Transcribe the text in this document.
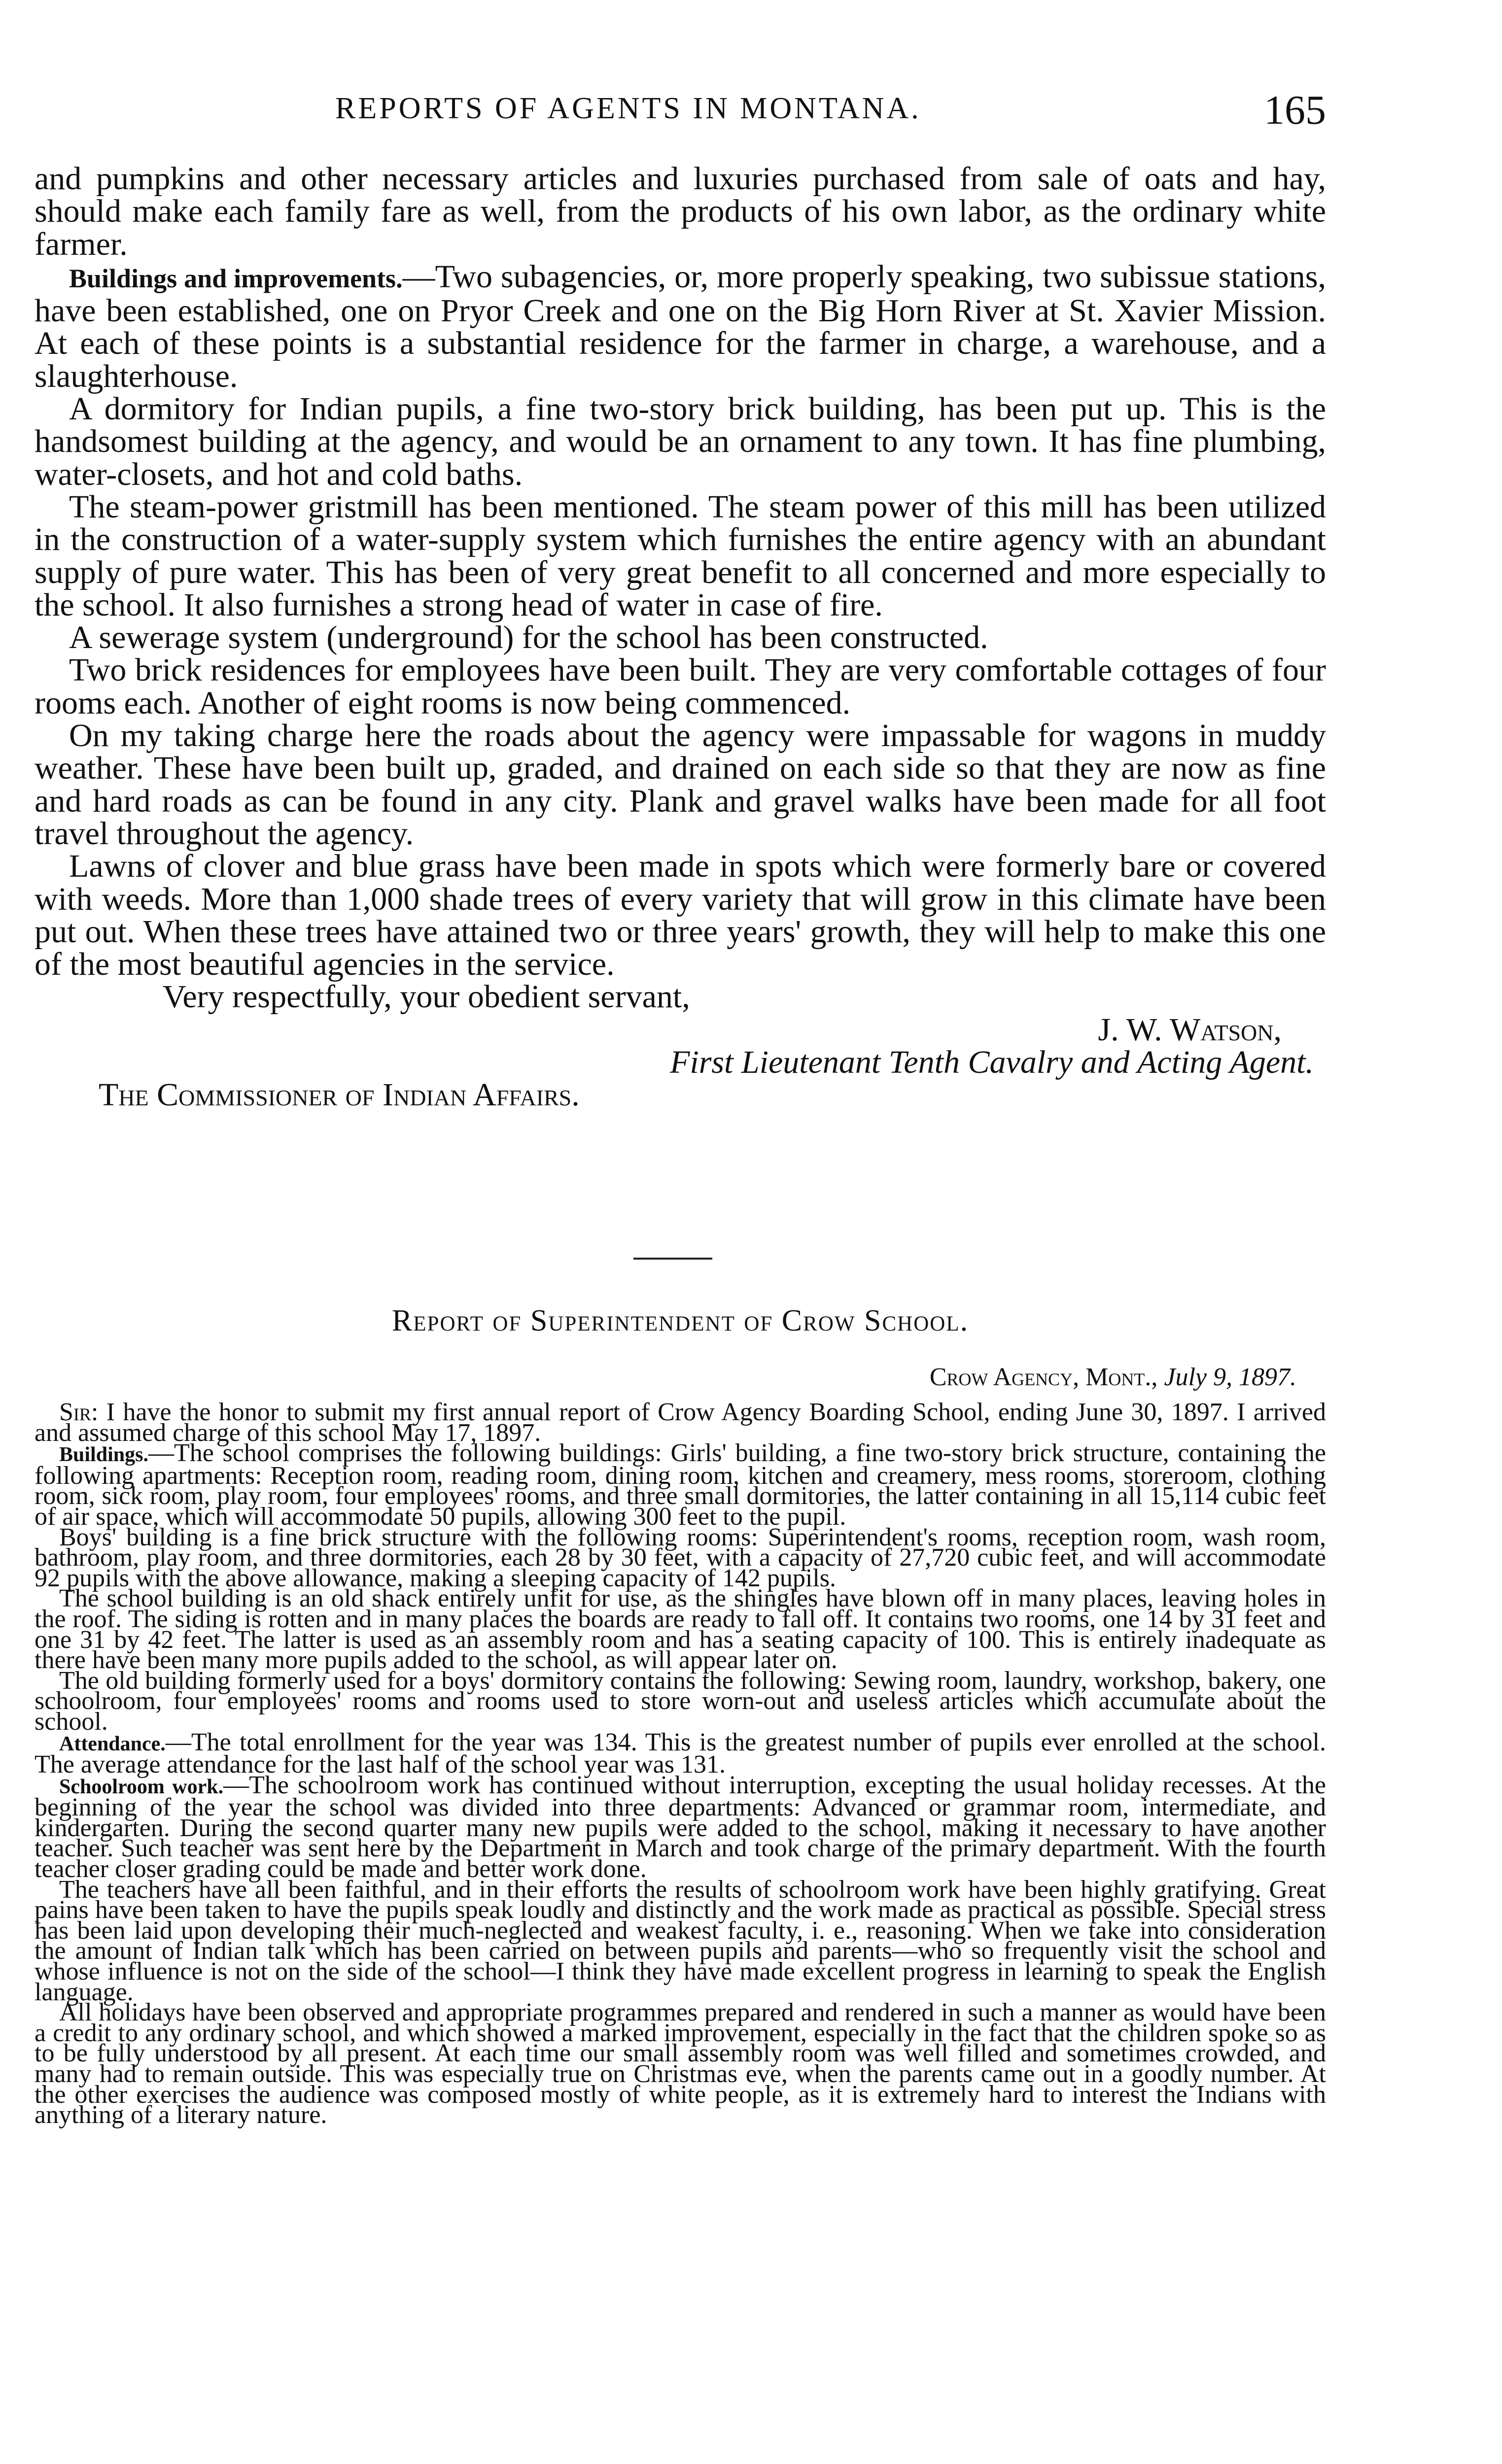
REPORTS OF AGENTS IN MONTANA.	165

and pumpkins and other necessary articles and luxuries purchased from sale of oats and hay, should make each family fare as well, from the products of his own labor, as the ordinary white farmer.

Buildings and improvements.—Two subagencies, or, more properly speaking, two subissue stations, have been established, one on Pryor Creek and one on the Big Horn River at St. Xavier Mission. At each of these points is a substantial residence for the farmer in charge, a warehouse, and a slaughterhouse.

A dormitory for Indian pupils, a fine two-story brick building, has been put up. This is the handsomest building at the agency, and would be an ornament to any town. It has fine plumbing, water-closets, and hot and cold baths.

The steam-power gristmill has been mentioned. The steam power of this mill has been utilized in the construction of a water-supply system which furnishes the entire agency with an abundant supply of pure water. This has been of very great benefit to all concerned and more especially to the school. It also furnishes a strong head of water in case of fire.

A sewerage system (underground) for the school has been constructed.

Two brick residences for employees have been built. They are very comfortable cottages of four rooms each. Another of eight rooms is now being commenced.

On my taking charge here the roads about the agency were impassable for wagons in muddy weather. These have been built up, graded, and drained on each side so that they are now as fine and hard roads as can be found in any city. Plank and gravel walks have been made for all foot travel throughout the agency.

Lawns of clover and blue grass have been made in spots which were formerly bare or covered with weeds. More than 1,000 shade trees of every variety that will grow in this climate have been put out. When these trees have attained two or three years' growth, they will help to make this one of the most beautiful agencies in the service.

Very respectfully, your obedient servant,

J. W. Watson,

First Lieutenant Tenth Cavalry and Acting Agent.

The Commissioner of Indian Affairs.

Report of Superintendent of Crow School.
Crow Agency, Mont., July 9, 1897.

Sir: I have the honor to submit my first annual report of Crow Agency Boarding School, ending June 30, 1897. I arrived and assumed charge of this school May 17, 1897.

Buildings.—The school comprises the following buildings: Girls' building, a fine two-story brick structure, containing the following apartments: Reception room, reading room, dining room, kitchen and creamery, mess rooms, storeroom, clothing room, sick room, play room, four employees' rooms, and three small dormitories, the latter containing in all 15,114 cubic feet of air space, which will accommodate 50 pupils, allowing 300 feet to the pupil.

Boys' building is a fine brick structure with the following rooms: Superintendent's rooms, reception room, wash room, bathroom, play room, and three dormitories, each 28 by 30 feet, with a capacity of 27,720 cubic feet, and will accommodate 92 pupils with the above allowance, making a sleeping capacity of 142 pupils.

The school building is an old shack entirely unfit for use, as the shingles have blown off in many places, leaving holes in the roof. The siding is rotten and in many places the boards are ready to fall off. It contains two rooms, one 14 by 31 feet and one 31 by 42 feet. The latter is used as an assembly room and has a seating capacity of 100. This is entirely inadequate as there have been many more pupils added to the school, as will appear later on.

The old building formerly used for a boys' dormitory contains the following: Sewing room, laundry, workshop, bakery, one schoolroom, four employees' rooms and rooms used to store worn-out and useless articles which accumulate about the school.

Attendance.—The total enrollment for the year was 134. This is the greatest number of pupils ever enrolled at the school. The average attendance for the last half of the school year was 131.

Schoolroom work.—The schoolroom work has continued without interruption, excepting the usual holiday recesses. At the beginning of the year the school was divided into three departments: Advanced or grammar room, intermediate, and kindergarten. During the second quarter many new pupils were added to the school, making it necessary to have another teacher. Such teacher was sent here by the Department in March and took charge of the primary department. With the fourth teacher closer grading could be made and better work done.

The teachers have all been faithful, and in their efforts the results of schoolroom work have been highly gratifying. Great pains have been taken to have the pupils speak loudly and distinctly and the work made as practical as possible. Special stress has been laid upon developing their much-neglected and weakest faculty, i. e., reasoning. When we take into consideration the amount of Indian talk which has been carried on between pupils and parents—who so frequently visit the school and whose influence is not on the side of the school—I think they have made excellent progress in learning to speak the English language.

All holidays have been observed and appropriate programmes prepared and rendered in such a manner as would have been a credit to any ordinary school, and which showed a marked improvement, especially in the fact that the children spoke so as to be fully understood by all present. At each time our small assembly room was well filled and sometimes crowded, and many had to remain outside. This was especially true on Christmas eve, when the parents came out in a goodly number. At the other exercises the audience was composed mostly of white people, as it is extremely hard to interest the Indians with anything of a literary nature.
